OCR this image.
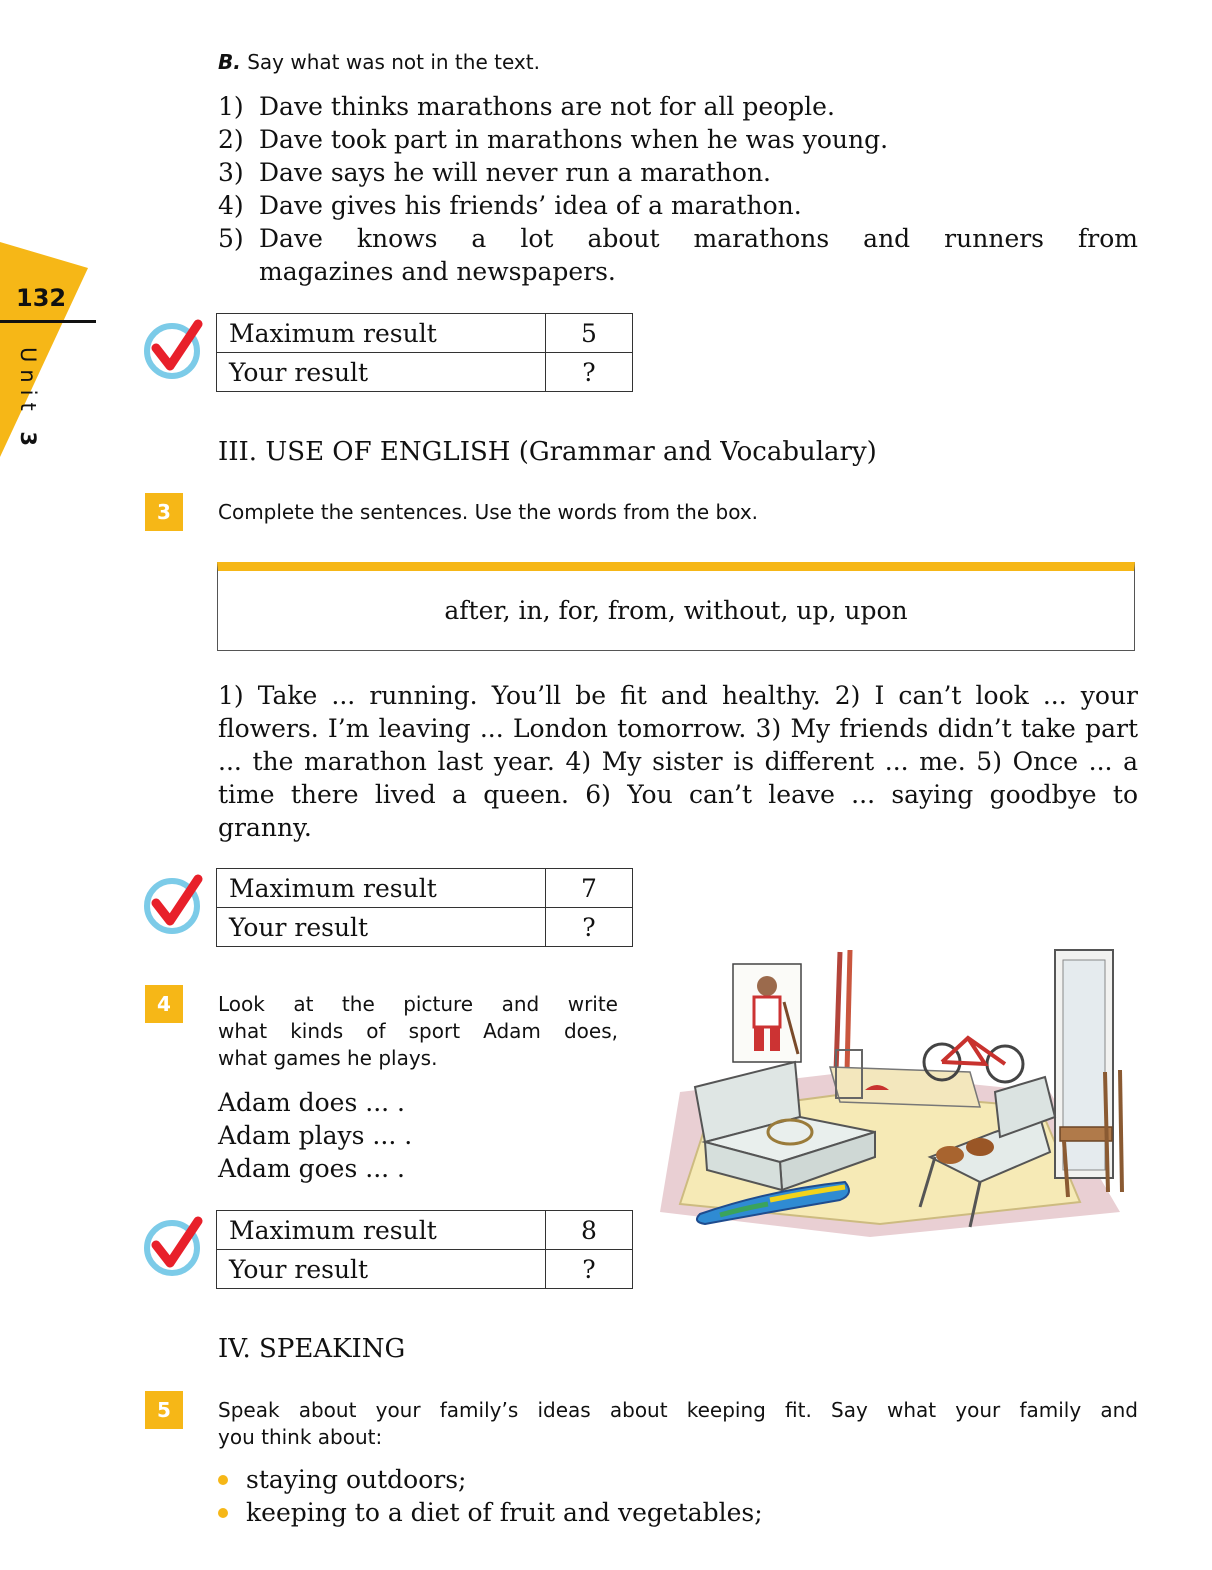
132
Unit 3
B. Say what was not in the text.
1) Dave thinks marathons are not for all people.
2) Dave took part in marathons when he was young.
3) Dave says he will never run a marathon.
4) Dave gives his friends’ idea of a marathon.
5) Dave knows a lot about marathons and runners from
magazines and newspapers.
Maximum result	5
Your result	?
III. USE OF ENGLISH (Grammar and Vocabulary)
3	Complete the sentences. Use the words from the box.
after, in, for, from, without, up, upon
1) Take ... running. You’ll be fit and healthy. 2) I can’t look ... your flowers. I’m leaving ... London tomorrow. 3) My friends didn’t take part ... the marathon last year. 4) My sister is different ... me. 5) Once ... a time there lived a queen. 6) You can’t leave ... saying goodbye to granny.
Maximum result	7
Your result	?
4	Look at the picture and write
what kinds of sport Adam does,
what games he plays.
Adam does ... .
Adam plays ... .
Adam goes ... .
Maximum result	8
Your result	?
IV. SPEAKING
5	Speak about your family’s ideas about keeping fit. Say what your family and
you think about:
staying outdoors;
keeping to a diet of fruit and vegetables;
